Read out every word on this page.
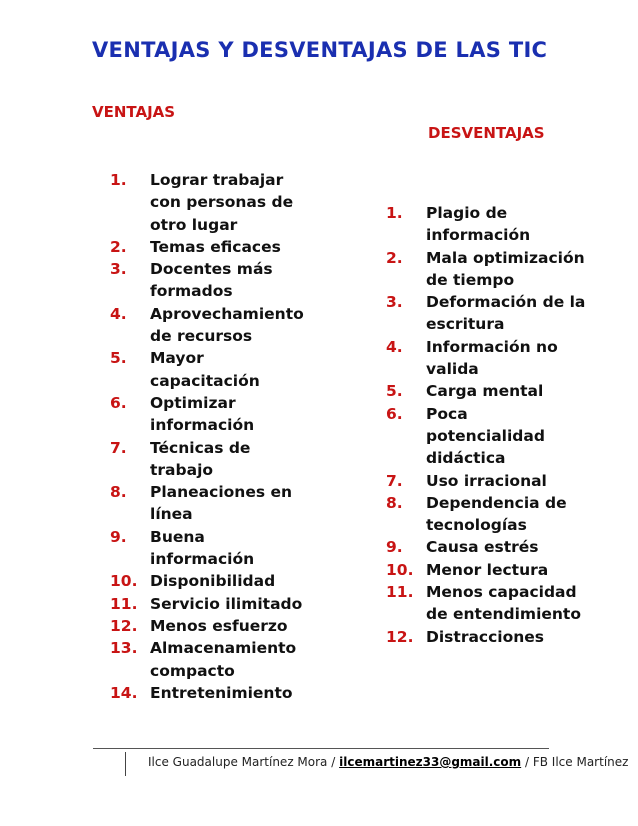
VENTAJAS Y DESVENTAJAS DE LAS TIC
VENTAJAS
DESVENTAJAS
1.	Lograr trabajar con personas de otro lugar
2.	Temas eficaces
3.	Docentes más formados
4.	Aprovechamiento de recursos
5.	Mayor capacitación
6.	Optimizar información
7.	Técnicas de trabajo
8.	Planeaciones en línea
9.	Buena información
10. Disponibilidad
11. Servicio ilimitado
12. Menos esfuerzo
13. Almacenamiento compacto
14. Entretenimiento
1.	Plagio de información
2.	Mala optimización de tiempo
3.	Deformación de la escritura
4.	Información no valida
5.	Carga mental
6.	Poca potencialidad didáctica
7.	Uso irracional
8.	Dependencia de tecnologías
9.	Causa estrés
10. Menor lectura
11. Menos capacidad de entendimiento
12. Distracciones
Ilce Guadalupe Martínez Mora / ilcemartinez33@gmail.com / FB Ilce Martínez
